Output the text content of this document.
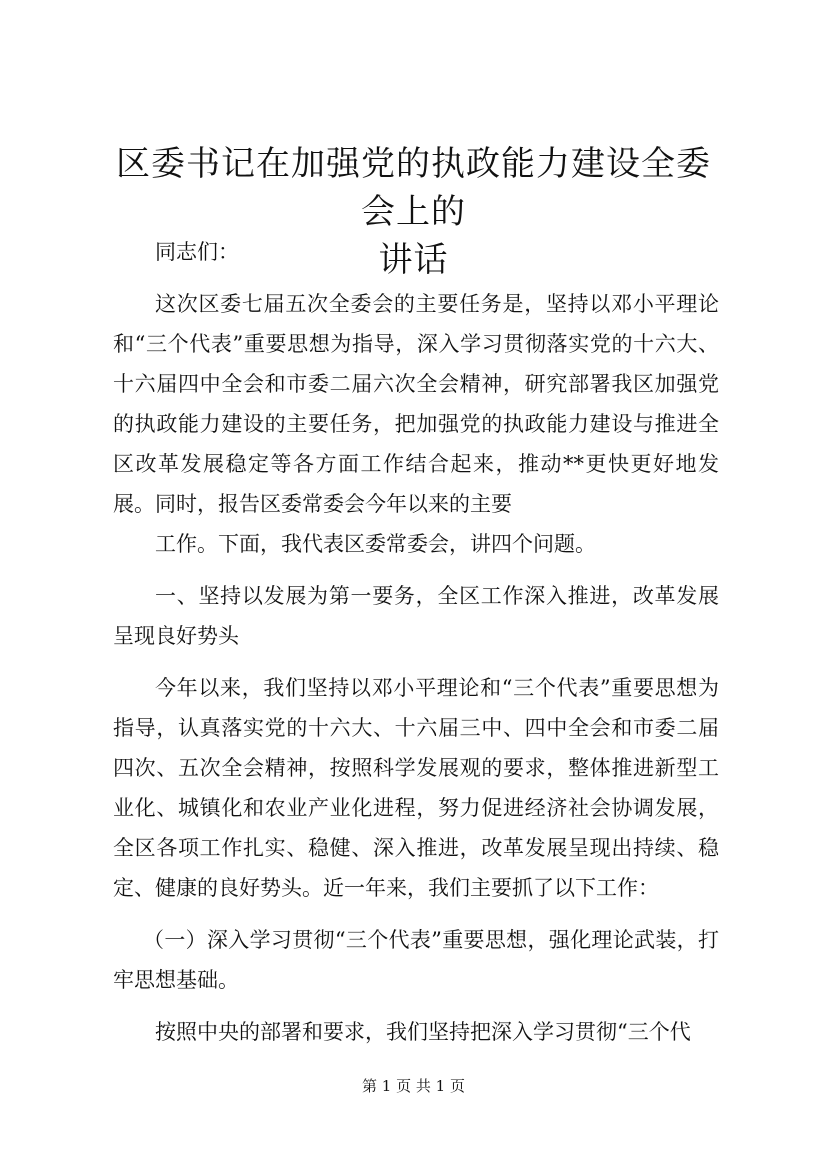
区委书记在加强党的执政能力建设全委会上的
讲话

同志们：

这次区委七届五次全委会的主要任务是，坚持以邓小平理论和“三个代表”重要思想为指导，深入学习贯彻落实党的十六大、十六届四中全会和市委二届六次全会精神，研究部署我区加强党的执政能力建设的主要任务，把加强党的执政能力建设与推进全区改革发展稳定等各方面工作结合起来，推动**更快更好地发展。同时，报告区委常委会今年以来的主要

工作。下面，我代表区委常委会，讲四个问题。

一、坚持以发展为第一要务，全区工作深入推进，改革发展呈现良好势头

今年以来，我们坚持以邓小平理论和“三个代表”重要思想为指导，认真落实党的十六大、十六届三中、四中全会和市委二届四次、五次全会精神，按照科学发展观的要求，整体推进新型工业化、城镇化和农业产业化进程，努力促进经济社会协调发展，全区各项工作扎实、稳健、深入推进，改革发展呈现出持续、稳定、健康的良好势头。近一年来，我们主要抓了以下工作：

（一）深入学习贯彻“三个代表”重要思想，强化理论武装，打牢思想基础。

按照中央的部署和要求，我们坚持把深入学习贯彻“三个代

第 1 页 共 1 页
